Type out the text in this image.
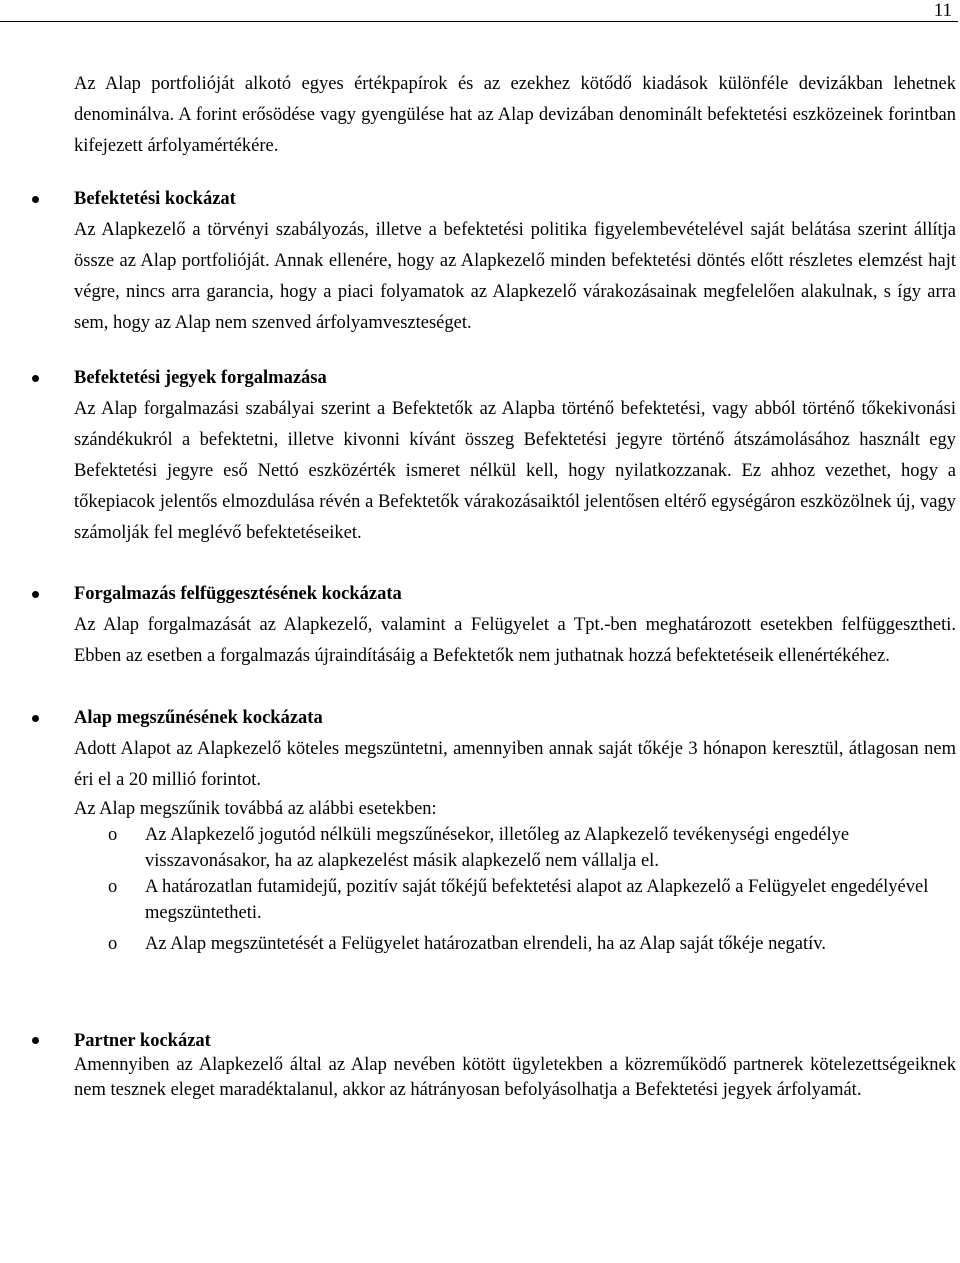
11

Az Alap portfolióját alkotó egyes értékpapírok és az ezekhez kötődő kiadások különféle devizákban lehetnek denominálva. A forint erősödése vagy gyengülése hat az Alap devizában denominált befektetési eszközeinek forintban kifejezett árfolyamértékére.

Befektetési kockázat

Az Alapkezelő a törvényi szabályozás, illetve a befektetési politika figyelembevételével saját belátása szerint állítja össze az Alap portfolióját. Annak ellenére, hogy az Alapkezelő minden befektetési döntés előtt részletes elemzést hajt végre, nincs arra garancia, hogy a piaci folyamatok az Alapkezelő várakozásainak megfelelően alakulnak, s így arra sem, hogy az Alap nem szenved árfolyamveszteséget.

Befektetési jegyek forgalmazása

Az Alap forgalmazási szabályai szerint a Befektetők az Alapba történő befektetési, vagy abból történő tőkekivonási szándékukról a befektetni, illetve kivonni kívánt összeg Befektetési jegyre történő átszámolásához használt egy Befektetési jegyre eső Nettó eszközérték ismeret nélkül kell, hogy nyilatkozzanak. Ez ahhoz vezethet, hogy a tőkepiacok jelentős elmozdulása révén a Befektetők várakozásaiktól jelentősen eltérő egységáron eszközölnek új, vagy számolják fel meglévő befektetéseiket.

Forgalmazás felfüggesztésének kockázata

Az Alap forgalmazását az Alapkezelő, valamint a Felügyelet a Tpt.-ben meghatározott esetekben felfüggesztheti. Ebben az esetben a forgalmazás újraindításáig a Befektetők nem juthatnak hozzá befektetéseik ellenértékéhez.

Alap megszűnésének kockázata

Adott Alapot az Alapkezelő köteles megszüntetni, amennyiben annak saját tőkéje 3 hónapon keresztül, átlagosan nem éri el a 20 millió forintot.

Az Alap megszűnik továbbá az alábbi esetekben:

o Az Alapkezelő jogutód nélküli megszűnésekor, illetőleg az Alapkezelő tevékenységi engedélye visszavonásakor, ha az alapkezelést másik alapkezelő nem vállalja el.
o A határozatlan futamidejű, pozitív saját tőkéjű befektetési alapot az Alapkezelő a Felügyelet engedélyével megszüntetheti.
o Az Alap megszüntetését a Felügyelet határozatban elrendeli, ha az Alap saját tőkéje negatív.

Partner kockázat

Amennyiben az Alapkezelő által az Alap nevében kötött ügyletekben a közreműködő partnerek kötelezettségeiknek nem tesznek eleget maradéktalanul, akkor az hátrányosan befolyásolhatja a Befektetési jegyek árfolyamát.
